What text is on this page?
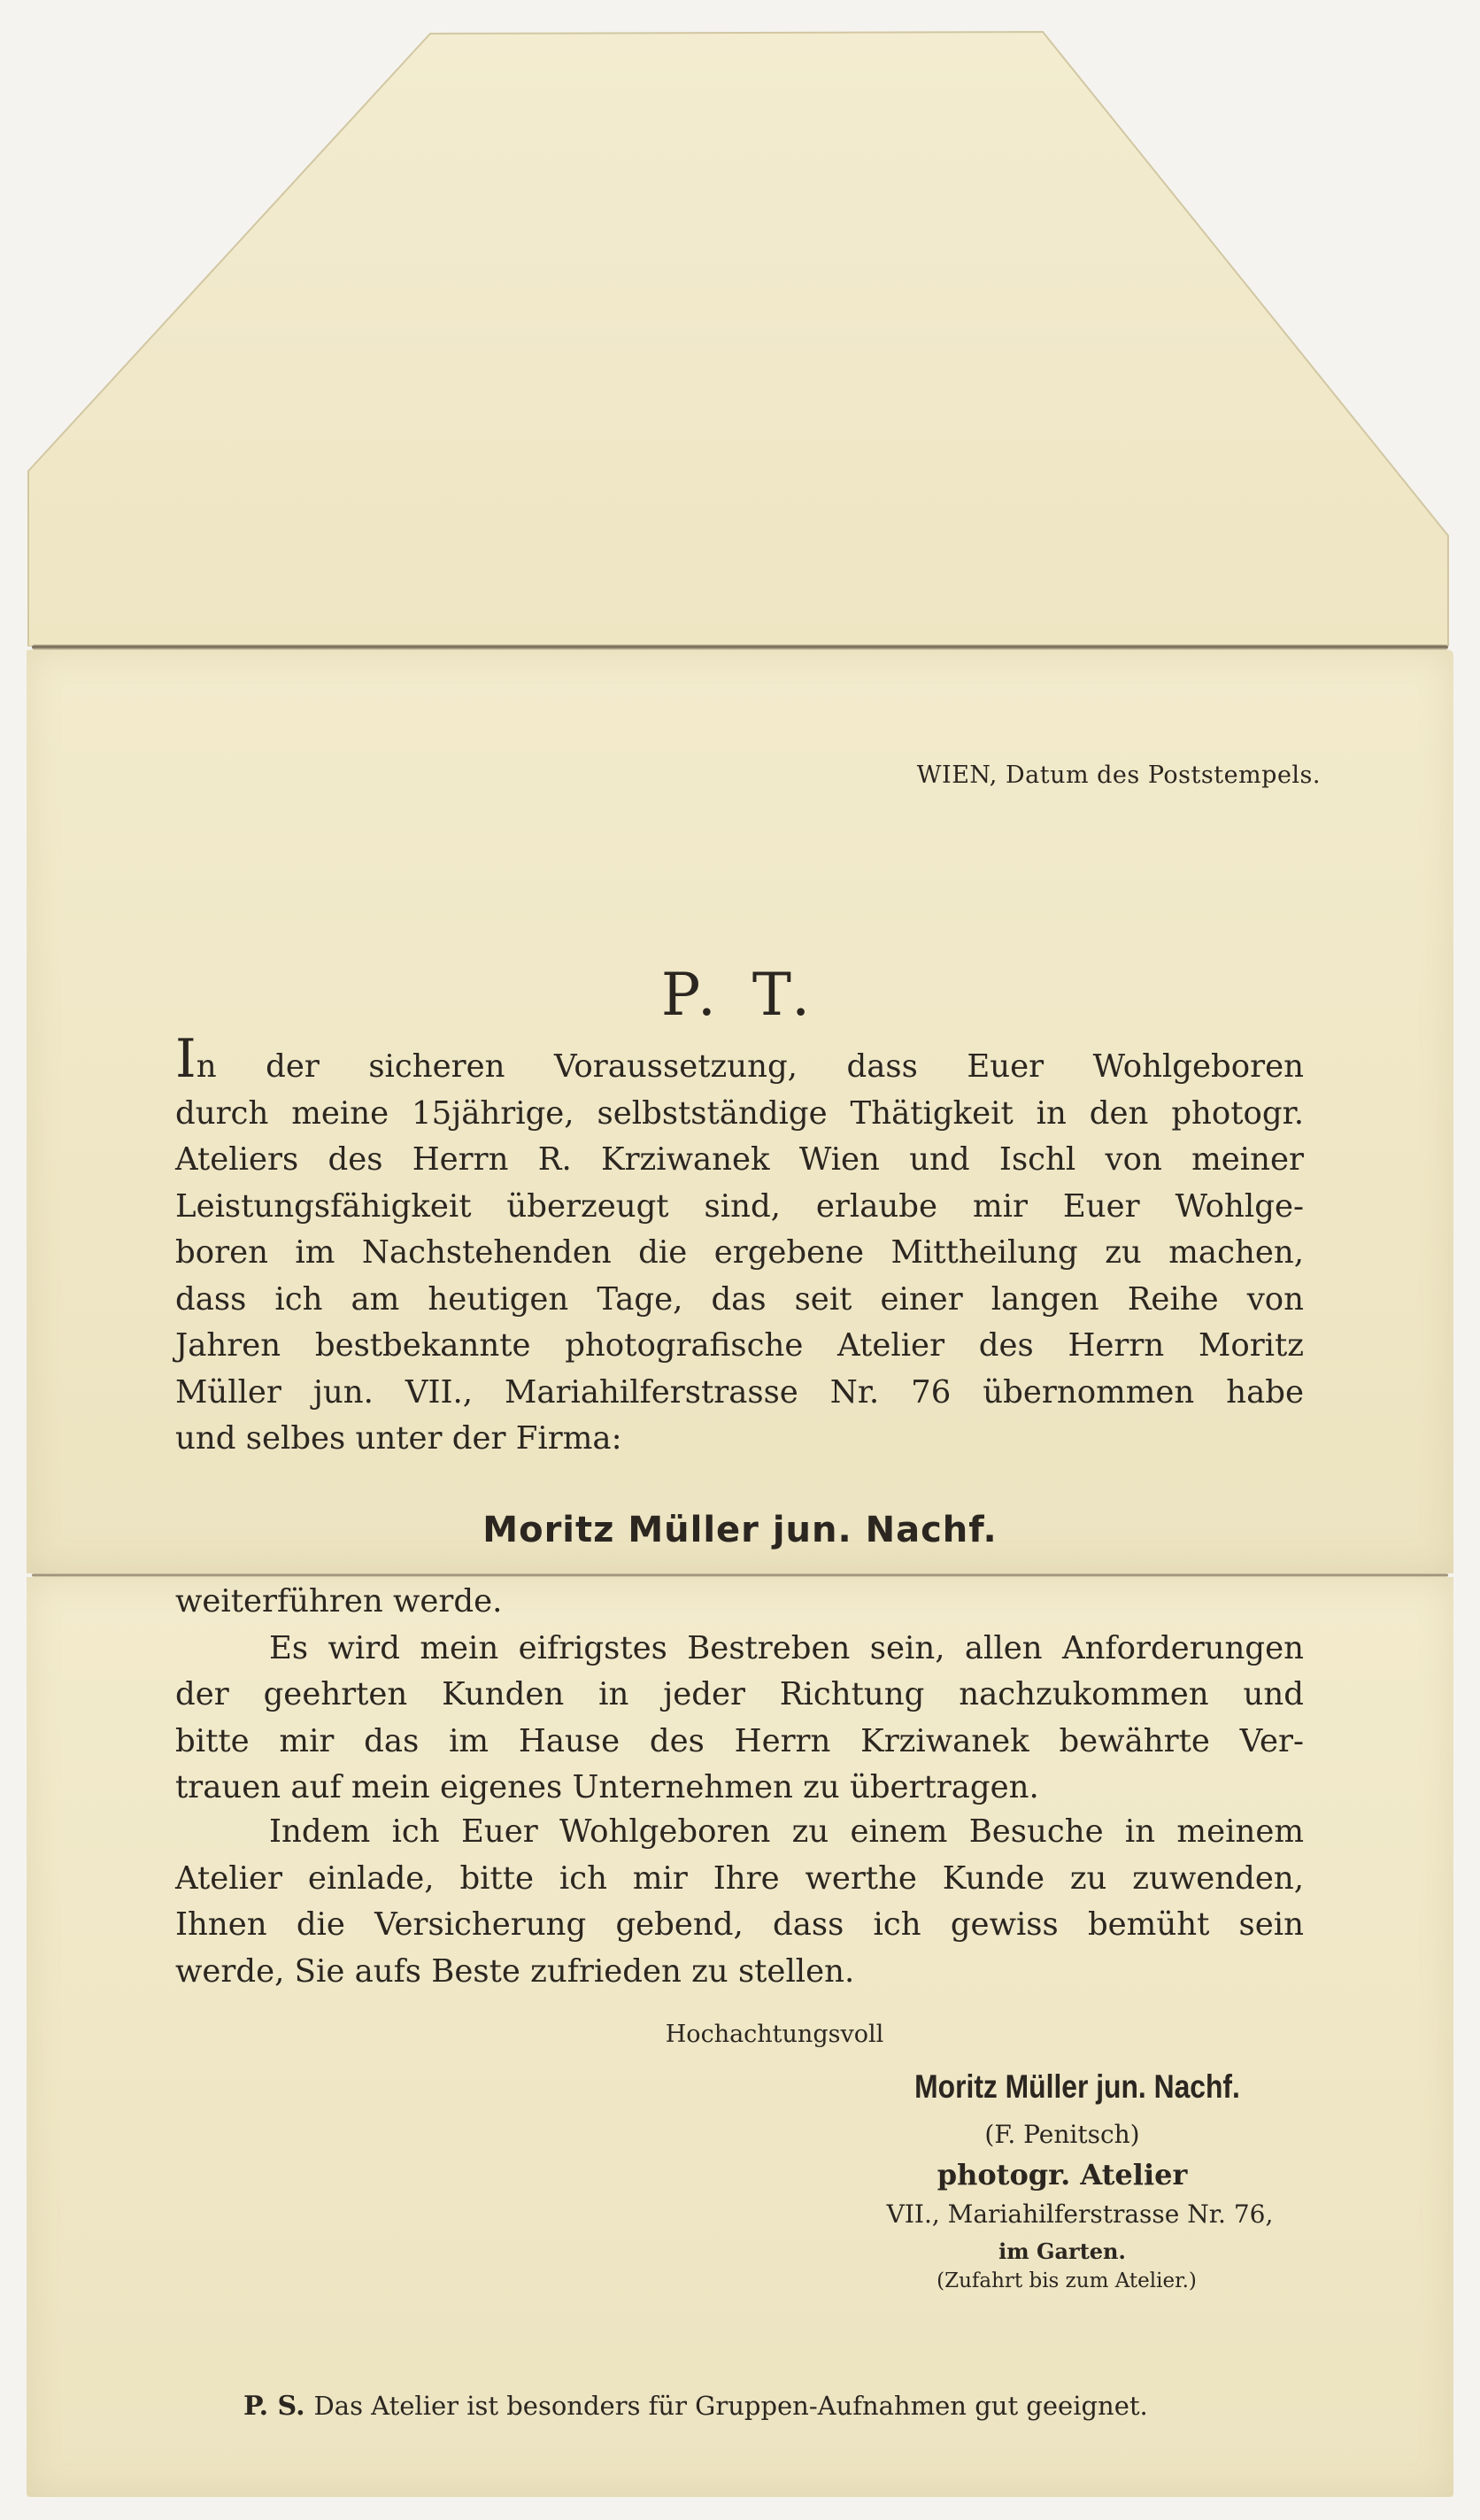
WIEN, Datum des Poststempels.
P. T.

In der sicheren Voraussetzung, dass Euer Wohlgeboren

durch meine 15jährige, selbstständige Thätigkeit in den photogr.

Ateliers des Herrn R. Krziwanek Wien und Ischl von meiner

Leistungsfähigkeit überzeugt sind, erlaube mir Euer Wohlge-

boren im Nachstehenden die ergebene Mittheilung zu machen,

dass ich am heutigen Tage, das seit einer langen Reihe von

Jahren bestbekannte photografische Atelier des Herrn Moritz

Müller jun. VII., Mariahilferstrasse Nr. 76 übernommen habe

und selbes unter der Firma:

Moritz Müller jun. Nachf.

weiterführen werde.

Es wird mein eifrigstes Bestreben sein, allen Anforderungen

der geehrten Kunden in jeder Richtung nachzukommen und

bitte mir das im Hause des Herrn Krziwanek bewährte Ver-

trauen auf mein eigenes Unternehmen zu übertragen.

Indem ich Euer Wohlgeboren zu einem Besuche in meinem

Atelier einlade, bitte ich mir Ihre werthe Kunde zu zuwenden,

Ihnen die Versicherung gebend, dass ich gewiss bemüht sein

werde, Sie aufs Beste zufrieden zu stellen.

Hochachtungsvoll
Moritz Müller jun. Nachf.
(F. Penitsch)
photogr. Atelier
VII., Mariahilferstrasse Nr. 76,
im Garten.
(Zufahrt bis zum Atelier.)
P. S. Das Atelier ist besonders für Gruppen-Aufnahmen gut geeignet.
